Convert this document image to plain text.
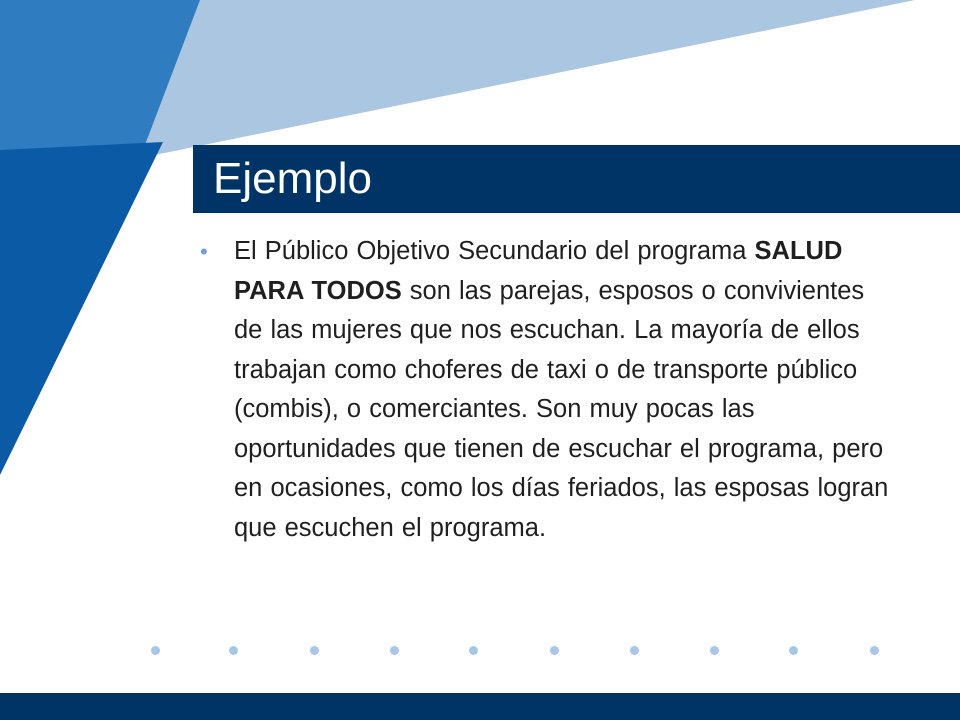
Ejemplo
• El Público Objetivo Secundario del programa SALUD PARA TODOS son las parejas, esposos o convivientes de las mujeres que nos escuchan. La mayoría de ellos trabajan como choferes de taxi o de transporte público (combis), o comerciantes. Son muy pocas las oportunidades que tienen de escuchar el programa, pero en ocasiones, como los días feriados, las esposas logran que escuchen el programa.
